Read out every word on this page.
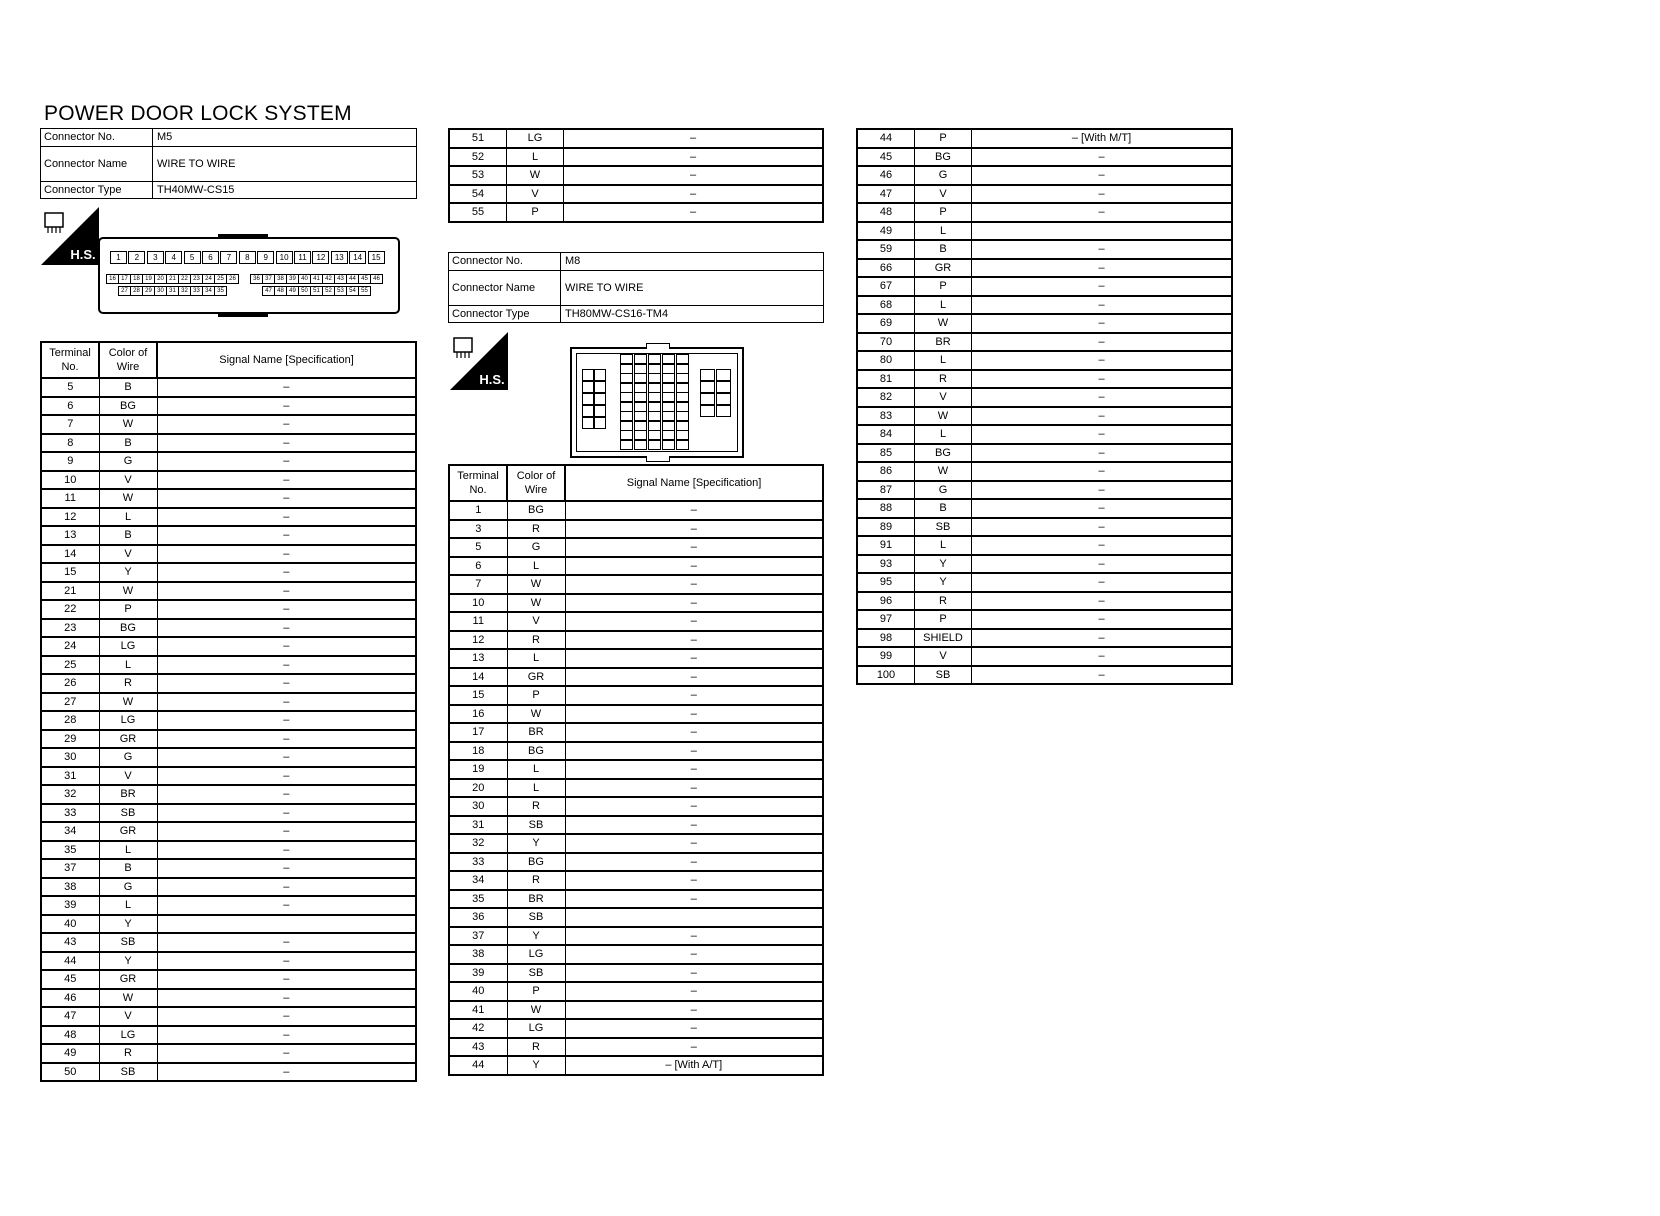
POWER DOOR LOCK SYSTEM
Connector No.	M5
Connector Name	WIRE TO WIRE
Connector Type	TH40MW-CS15
H.S.	1	2	3	4	5	6	7	8	9	10	11	12	13	14	15
16 17 18 19 20 21 22 23 24 25 26	36 37 38 39 40 41 42 43 44 45 46
27 28 29 30 31 32 33 34 35	47 48 49 50 51 52 53 54 55
Terminal No.	Color of Wire	Signal Name [Specification]
5	B	–
6	BG	–
7	W	–
8	B	–
9	G	–
10	V	–
11	W	–
12	L	–
13	B	–
14	V	–
15	Y	–
21	W	–
22	P	–
23	BG	–
24	LG	–
25	L	–
26	R	–
27	W	–
28	LG	–
29	GR	–
30	G	–
31	V	–
32	BR	–
33	SB	–
34	GR	–
35	L	–
37	B	–
38	G	–
39	L	–
40	Y	
43	SB	–
44	Y	–
45	GR	–
46	W	–
47	V	–
48	LG	–
49	R	–
50	SB	–
51	LG	–
52	L	–
53	W	–
54	V	–
55	P	–
Connector No.	M8
Connector Name	WIRE TO WIRE
Connector Type	TH80MW-CS16-TM4
H.S.
Terminal No.	Color of Wire	Signal Name [Specification]
1	BG	–
3	R	–
5	G	–
6	L	–
7	W	–
10	W	–
11	V	–
12	R	–
13	L	–
14	GR	–
15	P	–
16	W	–
17	BR	–
18	BG	–
19	L	–
20	L	–
30	R	–
31	SB	–
32	Y	–
33	BG	–
34	R	–
35	BR	–
36	SB	
37	Y	–
38	LG	–
39	SB	–
40	P	–
41	W	–
42	LG	–
43	R	–
44	Y	– [With A/T]
44	P	– [With M/T]
45	BG	–
46	G	–
47	V	–
48	P	–
49	L	
59	B	–
66	GR	–
67	P	–
68	L	–
69	W	–
70	BR	–
80	L	–
81	R	–
82	V	–
83	W	–
84	L	–
85	BG	–
86	W	–
87	G	–
88	B	–
89	SB	–
91	L	–
93	Y	–
95	Y	–
96	R	–
97	P	–
98	SHIELD	–
99	V	–
100	SB	–
